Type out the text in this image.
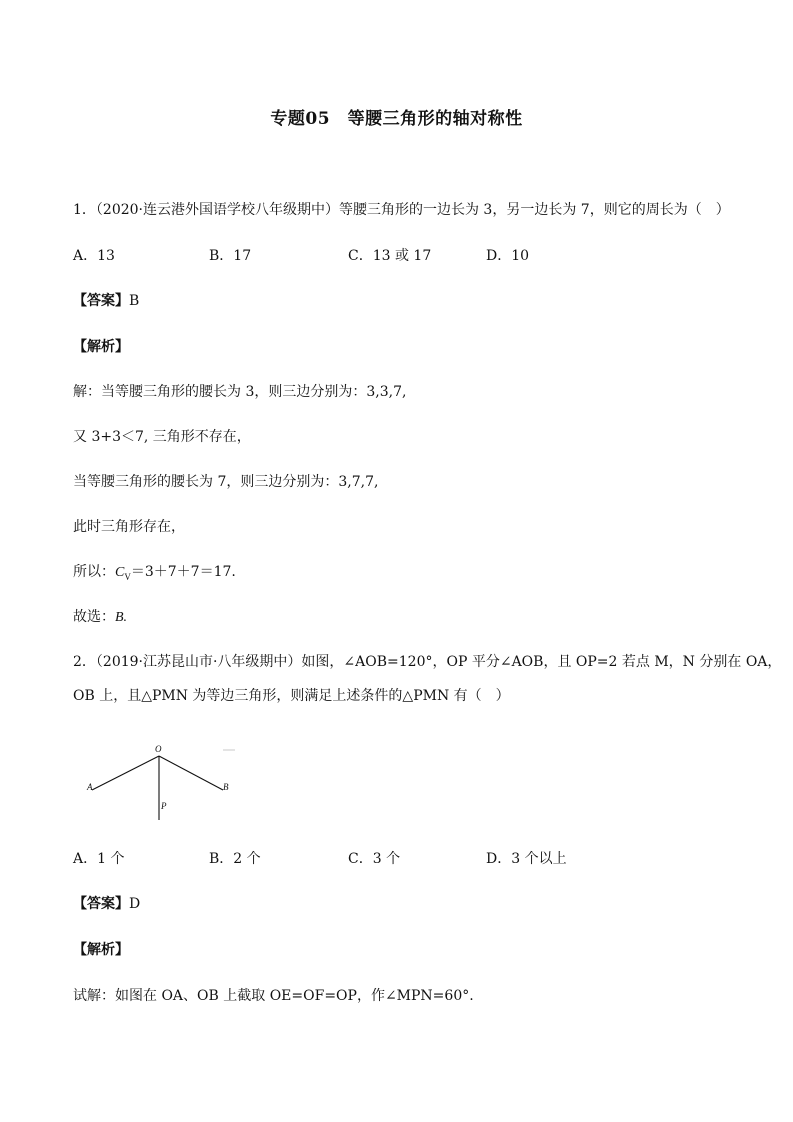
专题05　等腰三角形的轴对称性
1．（2020·连云港外国语学校八年级期中）等腰三角形的一边长为 3，另一边长为 7，则它的周长为（　）
A．13	B．17	C．13 或 17	D．10
【答案】B
【解析】
解：当等腰三角形的腰长为 3，则三边分别为：3,3,7,
又 3+3＜7, 三角形不存在，
当等腰三角形的腰长为 7，则三边分别为：3,7,7,
此时三角形存在，
所以：$C_V=3+7+7=17$.
故选：B.
2．（2019·江苏昆山市·八年级期中）如图，∠AOB=120°，OP 平分∠AOB，且 OP=2 若点 M，N 分别在 OA，
OB 上，且△PMN 为等边三角形，则满足上述条件的△PMN 有（　）
O
A	B
P
A．1 个	B．2 个	C．3 个	D．3 个以上
【答案】D
【解析】
试解：如图在 OA、OB 上截取 OE=OF=OP，作∠MPN=60°.
